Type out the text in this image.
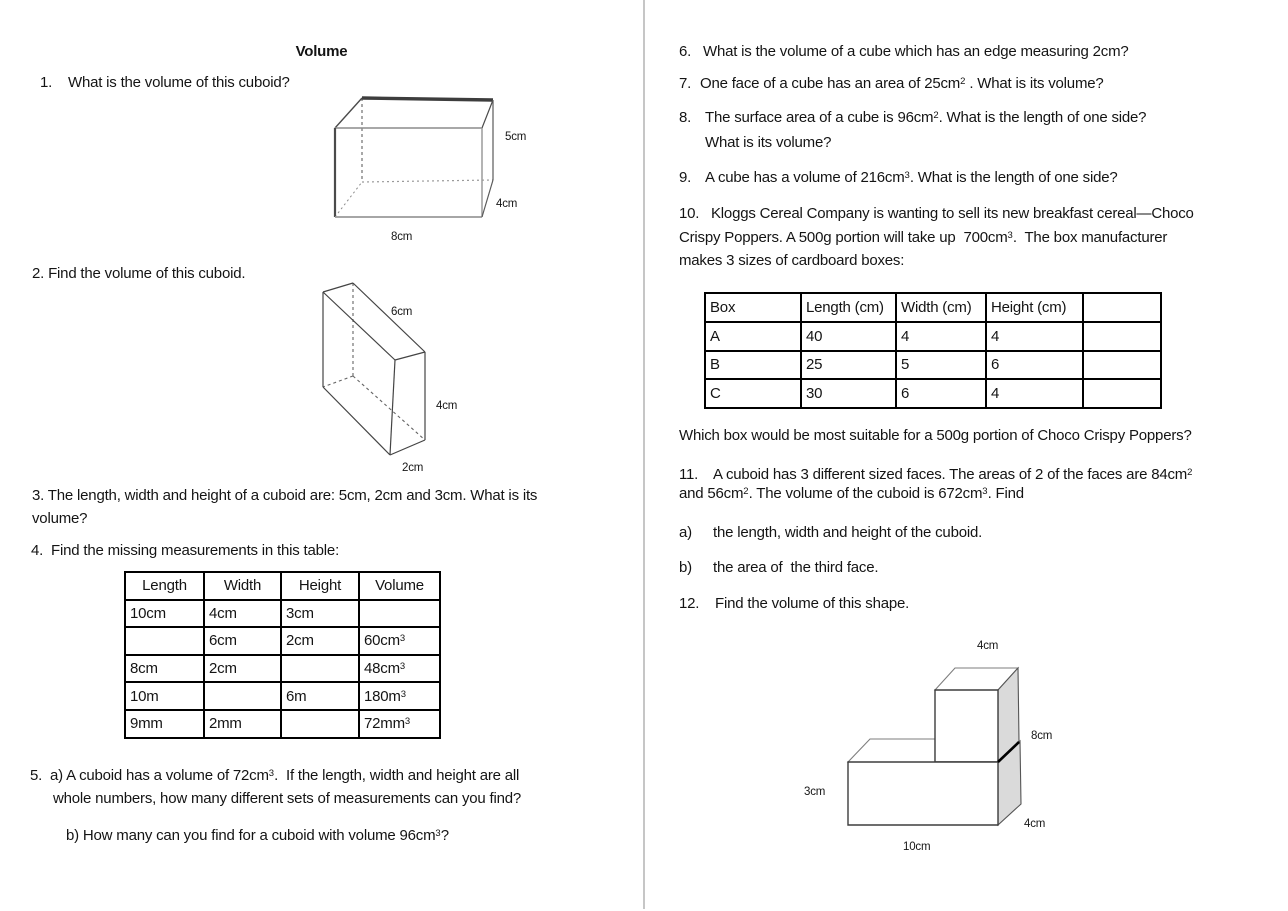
Volume
1. What is the volume of this cuboid?
5cm
4cm
8cm
2. Find the volume of this cuboid.
6cm
4cm
2cm
3. The length, width and height of a cuboid are: 5cm, 2cm and 3cm. What is its
volume?
4.  Find the missing measurements in this table:
Length	Width	Height	Volume
10cm	4cm	3cm	
	6cm	2cm	$60cm^3$
8cm	2cm		$48cm^3$
10m		6m	$180m^3$
9mm	2mm		$72mm^3$
5.  a) A cuboid has a volume of $72cm^3$.  If the length, width and height are all
whole numbers, how many different sets of measurements can you find?
b) How many can you find for a cuboid with volume $96cm^3$?
6. What is the volume of a cube which has an edge measuring 2cm?
7. One face of a cube has an area of $25cm^2$ . What is its volume?
8. The surface area of a cube is $96cm^2$. What is the length of one side?
What is its volume?
9. A cube has a volume of $216cm^3$. What is the length of one side?
10. Kloggs Cereal Company is wanting to sell its new breakfast cereal—Choco
Crispy Poppers. A 500g portion will take up  $700cm^3$.  The box manufacturer
makes 3 sizes of cardboard boxes:
Box	Length (cm)	Width (cm)	Height (cm)	
A	40	4	4	
B	25	5	6	
C	30	6	4	
Which box would be most suitable for a 500g portion of Choco Crispy Poppers?
11. A cuboid has 3 different sized faces. The areas of 2 of the faces are $84cm^2$
and $56cm^2$. The volume of the cuboid is $672cm^3$. Find
a) the length, width and height of the cuboid.
b) the area of  the third face.
12. Find the volume of this shape.
4cm
8cm
3cm
4cm
10cm
